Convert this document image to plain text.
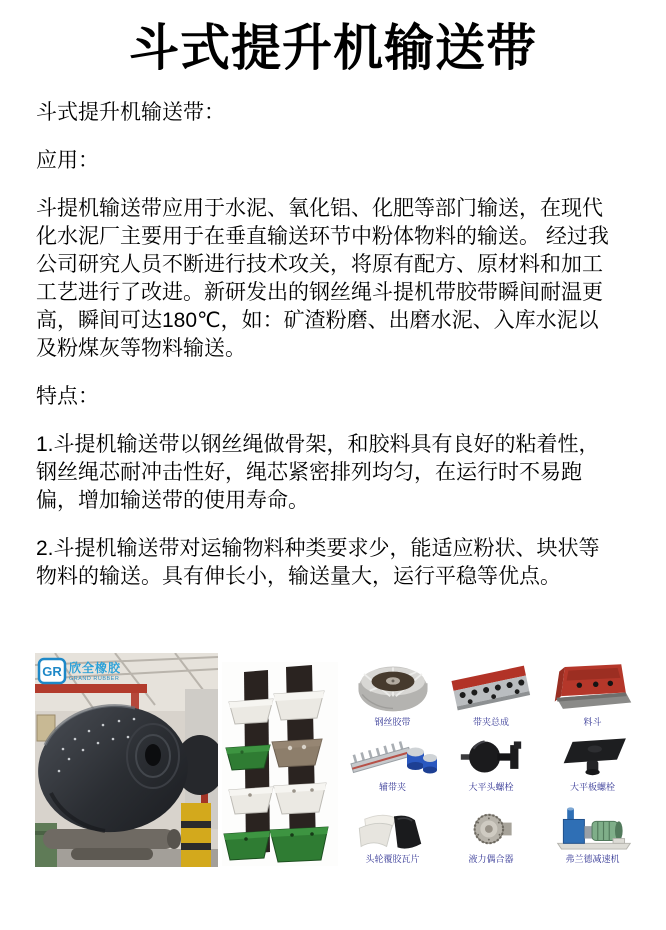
斗式提升机输送带

斗式提升机输送带：

应用：

斗提机输送带应用于水泥、氧化铝、化肥等部门输送，在现代化水泥厂主要用于在垂直输送环节中粉体物料的输送。 经过我公司研究人员不断进行技术攻关，将原有配方、原材料和加工工艺进行了改进。新研发出的钢丝绳斗提机带胶带瞬间耐温更高，瞬间可达180℃，如：矿渣粉磨、出磨水泥、入库水泥以及粉煤灰等物料输送。

特点：

1.斗提机输送带以钢丝绳做骨架，和胶料具有良好的粘着性，钢丝绳芯耐冲击性好，绳芯紧密排列均匀，在运行时不易跑偏，增加输送带的使用寿命。

2.斗提机输送带对运输物料种类要求少，能适应粉状、块状等物料的输送。具有伸长小，输送量大，运行平稳等优点。

GR 欣全橡胶
GRAND RUBBER
钢丝胶带	带夹总成	料斗
辅带夹	大平头螺栓	大平板螺栓
头轮覆胶瓦片	液力偶合器	弗兰德减速机
